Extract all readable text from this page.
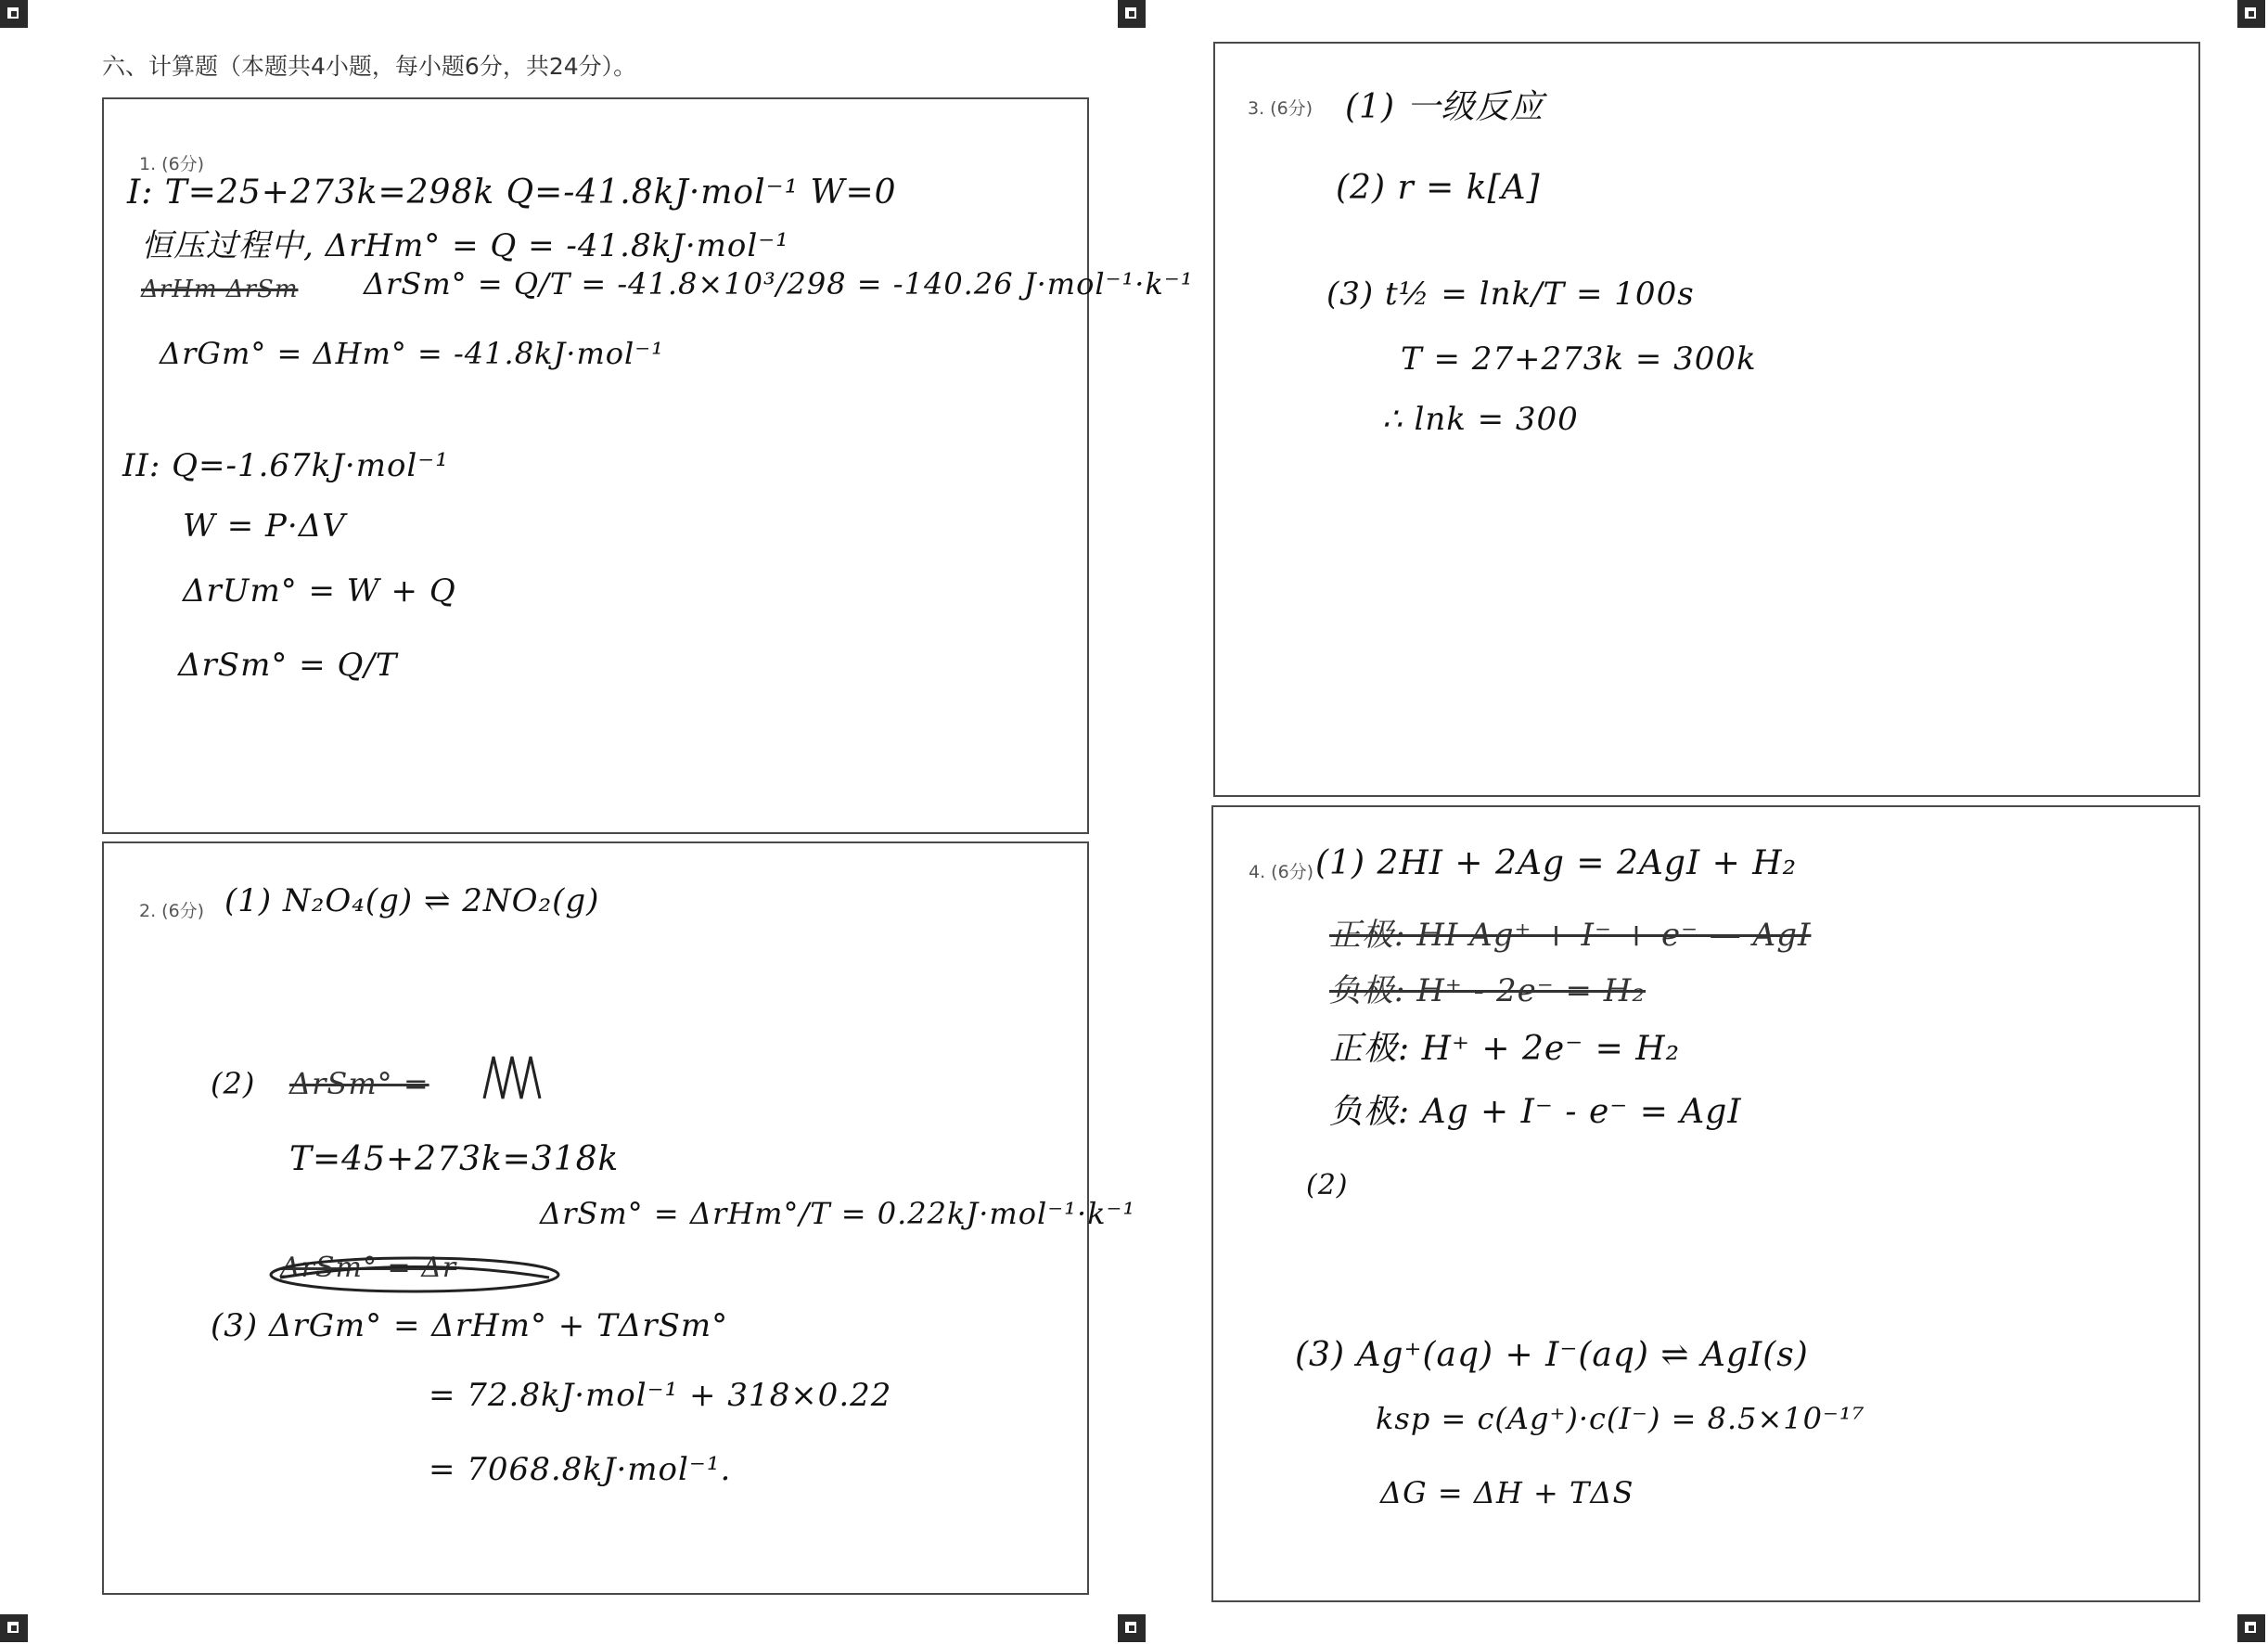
六、计算题（本题共4小题，每小题6分，共24分）。
1. (6分)
I: T=25+273k=298k Q=-41.8kJ·mol⁻¹ W=0
恒压过程中, ΔrHm° = Q = -41.8kJ·mol⁻¹
ΔrHm ΔrSm ΔrSm° = Q/T = -41.8×10³/298 = -140.26 J·mol⁻¹·k⁻¹
ΔrGm° = ΔHm° = -41.8kJ·mol⁻¹
II: Q=-1.67kJ·mol⁻¹
W = P·ΔV
ΔrUm° = W + Q
ΔrSm° = Q/T
2. (6分) (1) N₂O₄(g) ⇌ 2NO₂(g)
(2) ΔrSm° =
T=45+273k=318k
ΔrSm° = ΔrHm°/T = 0.22kJ·mol⁻¹·k⁻¹
ΔrSm° = Δr
(3) ΔrGm° = ΔrHm° + TΔrSm°
= 72.8kJ·mol⁻¹ + 318×0.22
= 7068.8kJ·mol⁻¹.
3. (6分) (1) 一级反应
(2) r = k[A]
(3) t½ = lnk/T = 100s
T = 27+273k = 300k
∴ lnk = 300
4. (6分) (1) 2HI + 2Ag = 2AgI + H₂
正极: HI Ag⁺ + I⁻ + e⁻ — AgI
负极: H⁺ - 2e⁻ = H₂
正极: H⁺ + 2e⁻ = H₂
负极: Ag + I⁻ - e⁻ = AgI
(2)
(3) Ag⁺(aq) + I⁻(aq) ⇌ AgI(s)
ksp = c(Ag⁺)·c(I⁻) = 8.5×10⁻¹⁷
ΔG = ΔH + TΔS
